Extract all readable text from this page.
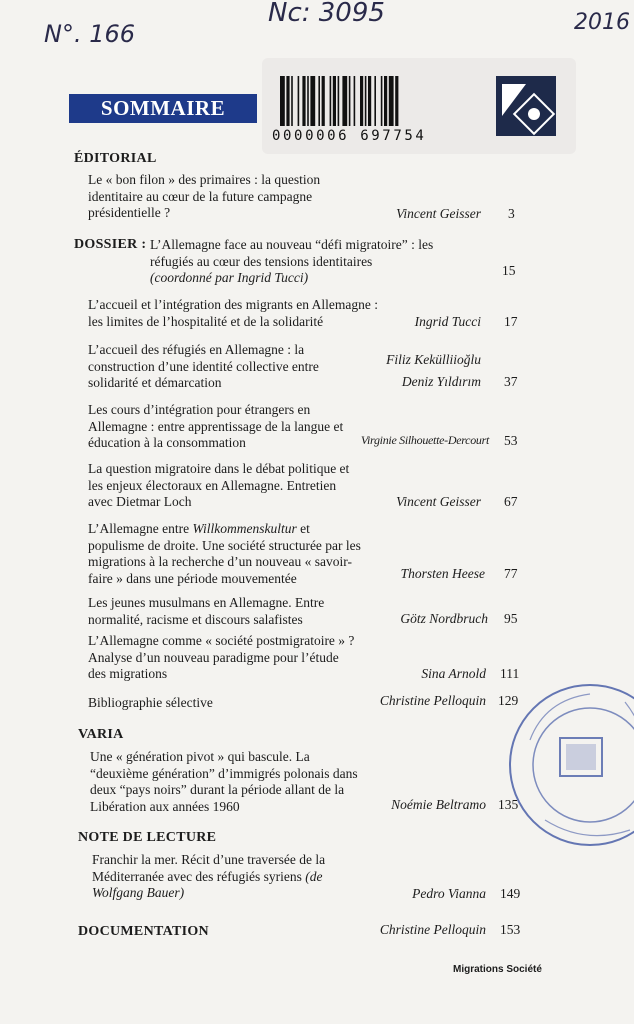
N°. 166
Nc: 3095	2016
0000006 697754
SOMMAIRE
ÉDITORIAL
Le « bon filon » des primaires : la question
identitaire au cœur de la future campagne
présidentielle ?	Vincent Geisser 3
DOSSIER : L’Allemagne face au nouveau “défi migratoire” : les
réfugiés au cœur des tensions identitaires
(coordonné par Ingrid Tucci)	15
L’accueil et l’intégration des migrants en Allemagne :
les limites de l’hospitalité et de la solidarité	Ingrid Tucci 17
L’accueil des réfugiés en Allemagne : la
construction d’une identité collective entre
solidarité et démarcation
Filiz Kekülliioğlu
Deniz Yıldırım 37
Les cours d’intégration pour étrangers en
Allemagne : entre apprentissage de la langue et
éducation à la consommation	Virginie Silhouette-Dercourt 53
La question migratoire dans le débat politique et
les enjeux électoraux en Allemagne. Entretien
avec Dietmar Loch	Vincent Geisser 67
L’Allemagne entre Willkommenskultur et
populisme de droite. Une société structurée par les
migrations à la recherche d’un nouveau « savoir-
faire » dans une période mouvementée	Thorsten Heese 77
Les jeunes musulmans en Allemagne. Entre
normalité, racisme et discours salafistes	Götz Nordbruch 95
L’Allemagne comme « société postmigratoire » ?
Analyse d’un nouveau paradigme pour l’étude
des migrations	Sina Arnold 111
Bibliographie sélective	Christine Pelloquin 129
VARIA
Une « génération pivot » qui bascule. La
“deuxième génération” d’immigrés polonais dans
deux “pays noirs” durant la période allant de la
Libération aux années 1960	Noémie Beltramo 135
NOTE DE LECTURE
Franchir la mer. Récit d’une traversée de la
Méditerranée avec des réfugiés syriens (de
Wolfgang Bauer)	Pedro Vianna 149
DOCUMENTATION	Christine Pelloquin 153
Migrations Société
